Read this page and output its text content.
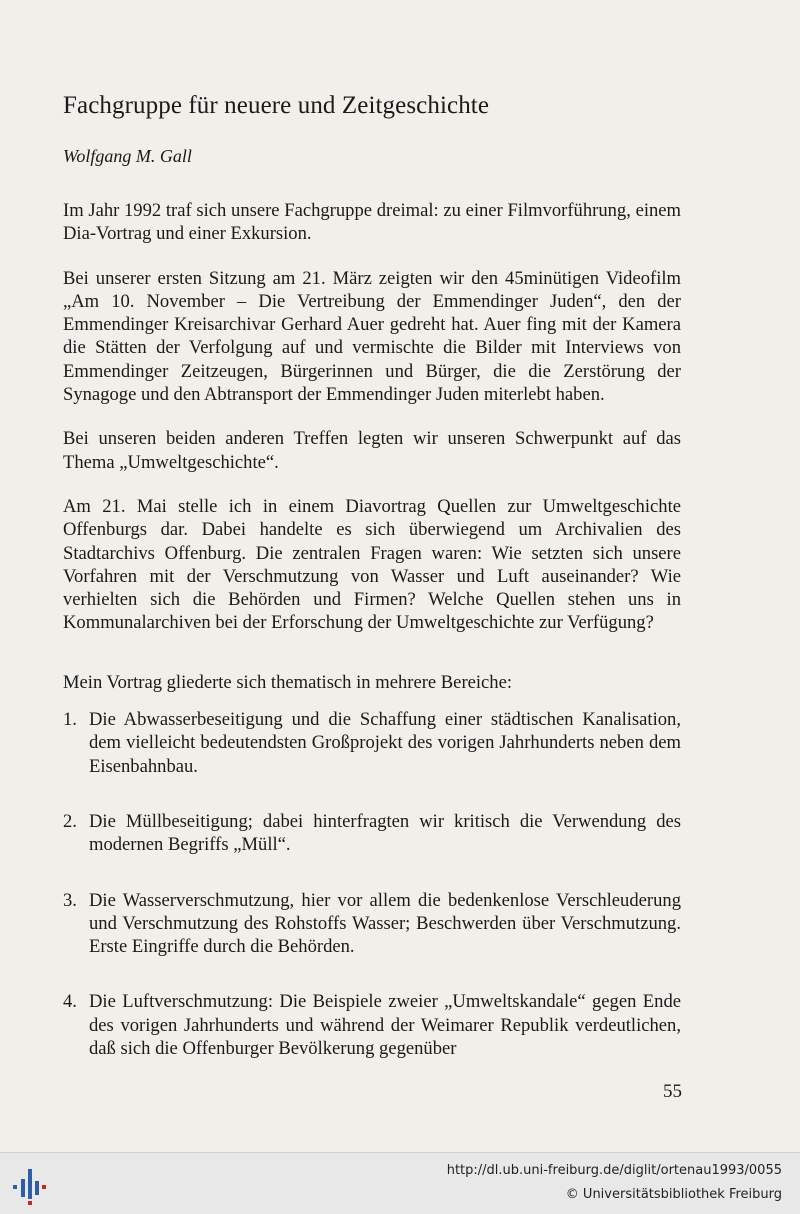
Fachgruppe für neuere und Zeitgeschichte
Wolfgang M. Gall

Im Jahr 1992 traf sich unsere Fachgruppe dreimal: zu einer Filmvorführung, einem Dia-Vortrag und einer Exkursion.

Bei unserer ersten Sitzung am 21. März zeigten wir den 45minütigen Videofilm „Am 10. November – Die Vertreibung der Emmendinger Juden“, den der Emmendinger Kreisarchivar Gerhard Auer gedreht hat. Auer fing mit der Kamera die Stätten der Verfolgung auf und vermischte die Bilder mit Interviews von Emmendinger Zeitzeugen, Bürgerinnen und Bürger, die die Zerstörung der Synagoge und den Abtransport der Emmendinger Juden miterlebt haben.

Bei unseren beiden anderen Treffen legten wir unseren Schwerpunkt auf das Thema „Umweltgeschichte“.

Am 21. Mai stelle ich in einem Diavortrag Quellen zur Umweltgeschichte Offenburgs dar. Dabei handelte es sich überwiegend um Archivalien des Stadtarchivs Offenburg. Die zentralen Fragen waren: Wie setzten sich unsere Vorfahren mit der Verschmutzung von Wasser und Luft auseinander? Wie verhielten sich die Behörden und Firmen? Welche Quellen stehen uns in Kommunalarchiven bei der Erforschung der Umweltgeschichte zur Verfügung?

Mein Vortrag gliederte sich thematisch in mehrere Bereiche:

1. Die Abwasserbeseitigung und die Schaffung einer städtischen Kanalisation, dem vielleicht bedeutendsten Großprojekt des vorigen Jahrhunderts neben dem Eisenbahnbau.
2. Die Müllbeseitigung; dabei hinterfragten wir kritisch die Verwendung des modernen Begriffs „Müll“.
3. Die Wasserverschmutzung, hier vor allem die bedenkenlose Verschleuderung und Verschmutzung des Rohstoffs Wasser; Beschwerden über Verschmutzung. Erste Eingriffe durch die Behörden.
4. Die Luftverschmutzung: Die Beispiele zweier „Umweltskandale“ gegen Ende des vorigen Jahrhunderts und während der Weimarer Republik verdeutlichen, daß sich die Offenburger Bevölkerung gegenüber
55
http://dl.ub.uni-freiburg.de/diglit/ortenau1993/0055
© Universitätsbibliothek Freiburg
